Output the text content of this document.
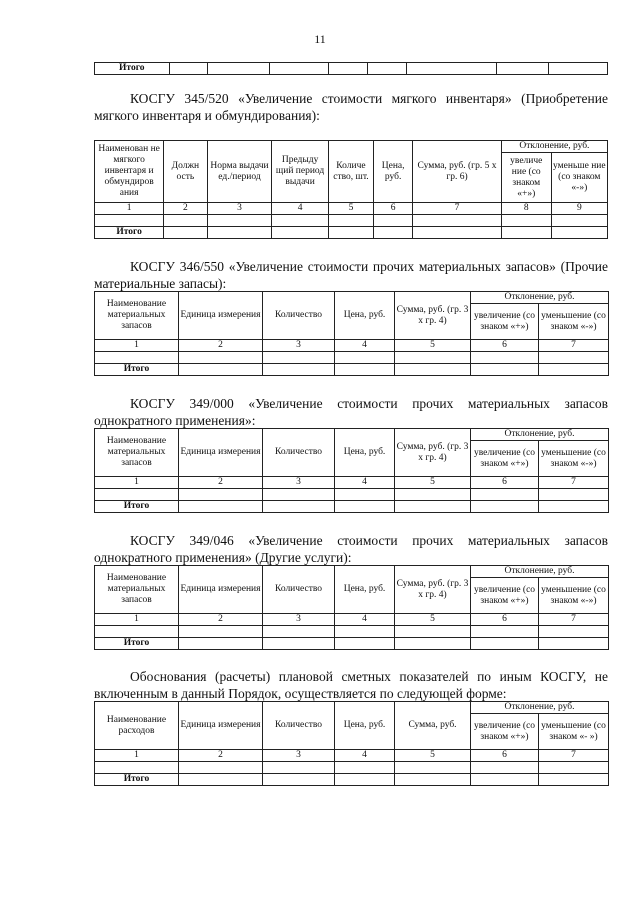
11
Итого								
КОСГУ 345/520 «Увеличение стоимости мягкого инвентаря» (Приобретение мягкого инвентаря и обмундирования):
Наименован не мягкого инвентаря и обмундиров ания	Должн ость	Норма выдачи ед./период	Предыду щий период выдачи	Количе ство, шт.	Цена, руб.	Сумма, руб. (гр. 5 х гр. 6)	Отклонение, руб.	
							увеличе ние (со знаком «+»)	уменьше ние (со знаком «-»)
1	2	3	4	5	6	7	8	9

Итого								
КОСГУ 346/550 «Увеличение стоимости прочих материальных запасов» (Прочие материальные запасы):
Наименование материальных запасов	Единица измерения	Количество	Цена, руб.	Сумма, руб. (гр. 3 х гр. 4)	Отклонение, руб.	
					увеличение (со знаком «+»)	уменьшение (со знаком «-»)
1	2	3	4	5	6	7

Итого						
КОСГУ 349/000 «Увеличение стоимости прочих материальных запасов однократного применения»:
Наименование материальных запасов	Единица измерения	Количество	Цена, руб.	Сумма, руб. (гр. 3 х гр. 4)	Отклонение, руб.	
					увеличение (со знаком «+»)	уменьшение (со знаком «-»)
1	2	3	4	5	6	7

Итого						
КОСГУ 349/046 «Увеличение стоимости прочих материальных запасов однократного применения» (Другие услуги):
Наименование материальных запасов	Единица измерения	Количество	Цена, руб.	Сумма, руб. (гр. 3 х гр. 4)	Отклонение, руб.	
					увеличение (со знаком «+»)	уменьшение (со знаком «-»)
1	2	3	4	5	6	7

Итого						
Обоснования (расчеты) плановой сметных показателей по иным КОСГУ, не включенным в данный Порядок, осуществляется по следующей форме:
Наименование расходов	Единица измерения	Количество	Цена, руб.	Сумма, руб.	Отклонение, руб.	
					увеличение (со знаком «+»)	уменьшение (со знаком «- »)
1	2	3	4	5	6	7

Итого						
